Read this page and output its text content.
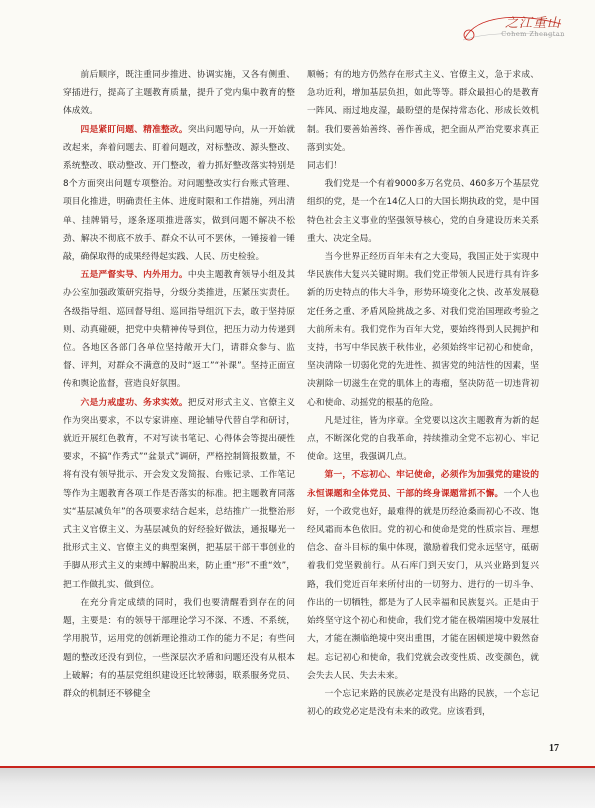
之江重山
Cohem Zhengtan

前后顺序，既注重同步推进、协调实施，又各有侧重、穿插进行，提高了主题教育质量，提升了党内集中教育的整体成效。

四是紧盯问题、精准整改。突出问题导向，从一开始就改起来，奔着问题去、盯着问题改，对标整改、源头整改、系统整改、联动整改、开门整改，着力抓好整改落实特别是8个方面突出问题专项整治。对问题整改实行台账式管理、项目化推进，明确责任主体、进度时限和工作措施，列出清单、挂牌销号，逐条逐项推进落实，做到问题不解决不松劲、解决不彻底不放手、群众不认可不罢休，一锤接着一锤敲，确保取得的成果经得起实践、人民、历史检验。

五是严督实导、内外用力。中央主题教育领导小组及其办公室加强政策研究指导，分级分类推进，压紧压实责任。各级指导组、巡回督导组、巡回指导组沉下去，敢于坚持原则、动真碰硬，把党中央精神传导到位，把压力动力传递到位。各地区各部门各单位坚持敞开大门，请群众参与、监督、评判，对群众不满意的及时“返工”“补课”。坚持正面宣传和舆论监督，营造良好氛围。

六是力戒虚功、务求实效。把反对形式主义、官僚主义作为突出要求，不以专家讲座、理论辅导代替自学和研讨，就近开展红色教育，不对写读书笔记、心得体会等提出硬性要求，不搞“作秀式”“盆景式”调研，严格控制简报数量，不将有没有领导批示、开会发文发简报、台账记录、工作笔记等作为主题教育各项工作是否落实的标准。把主题教育同落实“基层减负年”的各项要求结合起来，总结推广一批整治形式主义官僚主义、为基层减负的好经验好做法，通报曝光一批形式主义、官僚主义的典型案例，把基层干部干事创业的手脚从形式主义的束缚中解脱出来，防止重“形”不重“效”，把工作做扎实、做到位。

在充分肯定成绩的同时，我们也要清醒看到存在的问题，主要是：有的领导干部理论学习不深、不透、不系统，学用脱节，运用党的创新理论推动工作的能力不足；有些问题的整改还没有到位，一些深层次矛盾和问题还没有从根本上破解；有的基层党组织建设还比较薄弱，联系服务党员、群众的机制还不够健全

顺畅；有的地方仍然存在形式主义、官僚主义，急于求成、急功近利，增加基层负担，如此等等。群众最担心的是教育一阵风、雨过地皮湿，最盼望的是保持常态化、形成长效机制。我们要善始善终、善作善成，把全面从严治党要求真正落到实处。

同志们！

我们党是一个有着9000多万名党员、460多万个基层党组织的党，是一个在14亿人口的大国长期执政的党，是中国特色社会主义事业的坚强领导核心，党的自身建设历来关系重大、决定全局。

当今世界正经历百年未有之大变局，我国正处于实现中华民族伟大复兴关键时期。我们党正带领人民进行具有许多新的历史特点的伟大斗争，形势环境变化之快、改革发展稳定任务之重、矛盾风险挑战之多、对我们党治国理政考验之大前所未有。我们党作为百年大党，要始终得到人民拥护和支持，书写中华民族千秋伟业，必须始终牢记初心和使命，坚决清除一切弱化党的先进性、损害党的纯洁性的因素，坚决割除一切滋生在党的肌体上的毒瘤，坚决防范一切违背初心和使命、动摇党的根基的危险。

凡是过往，皆为序章。全党要以这次主题教育为新的起点，不断深化党的自我革命，持续推动全党不忘初心、牢记使命。这里，我强调几点。

第一，不忘初心、牢记使命，必须作为加强党的建设的永恒课题和全体党员、干部的终身课题常抓不懈。一个人也好，一个政党也好，最难得的就是历经沧桑而初心不改、饱经风霜而本色依旧。党的初心和使命是党的性质宗旨、理想信念、奋斗目标的集中体现，激励着我们党永远坚守，砥砺着我们党坚毅前行。从石库门到天安门，从兴业路到复兴路，我们党近百年来所付出的一切努力、进行的一切斗争、作出的一切牺牲，都是为了人民幸福和民族复兴。正是由于始终坚守这个初心和使命，我们党才能在极端困境中发展壮大，才能在濒临绝境中突出重围，才能在困顿逆境中毅然奋起。忘记初心和使命，我们党就会改变性质、改变颜色，就会失去人民、失去未来。

一个忘记来路的民族必定是没有出路的民族，一个忘记初心的政党必定是没有未来的政党。应该看到，

17
